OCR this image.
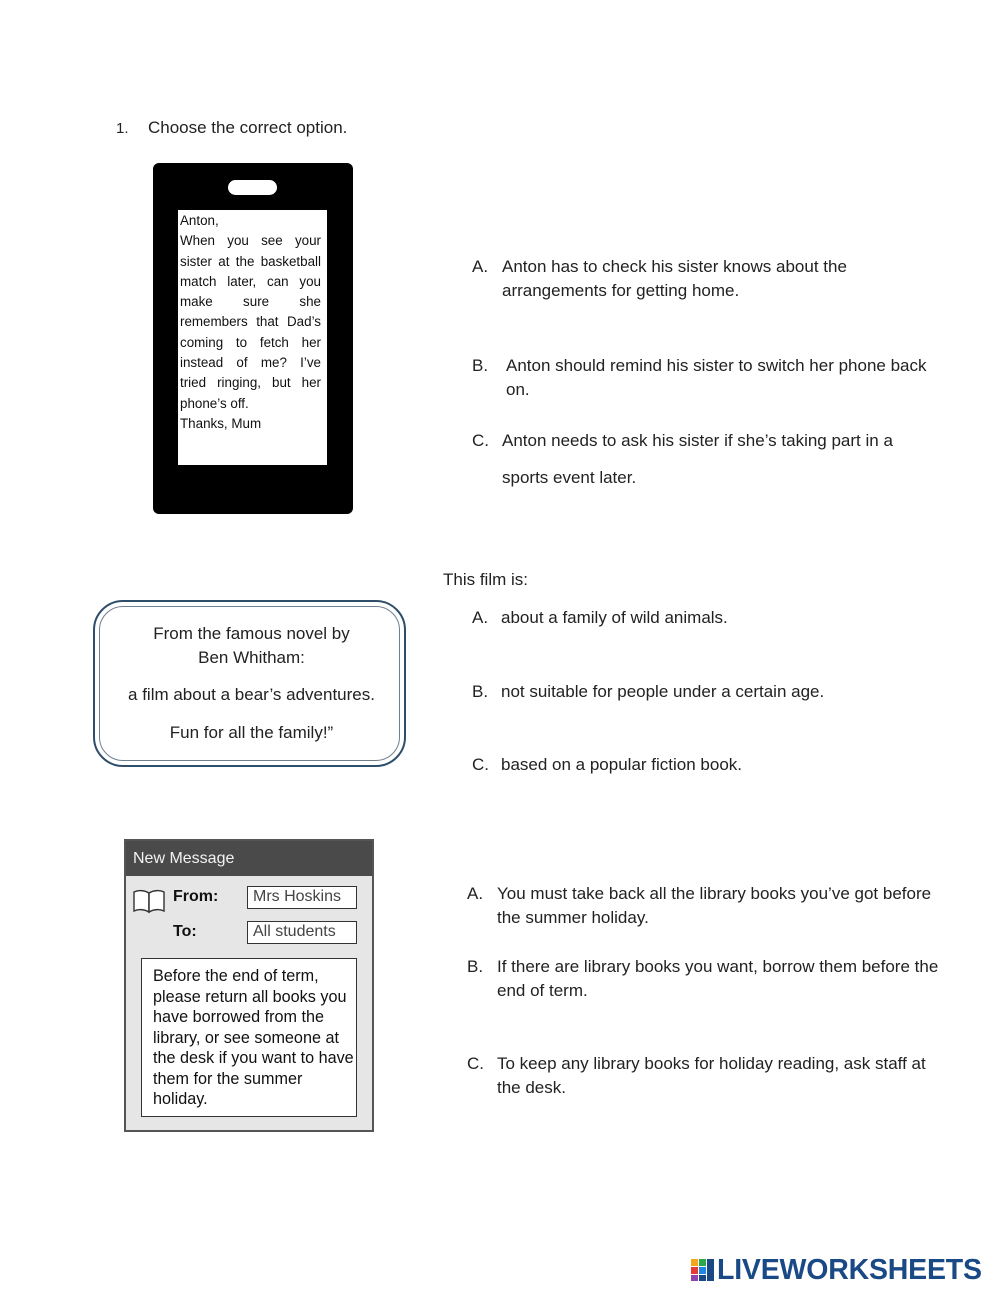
1. Choose the correct option.

Anton,

When you see your sister at the basketball match later, can you make sure she remembers that Dad’s coming to fetch her instead of me? I’ve tried ringing, but her phone’s off.

Thanks, Mum

A. Anton has to check his sister knows about the arrangements for getting home.
B. Anton should remind his sister to switch her phone back on.
C. Anton needs to ask his sister if she’s taking part in a sports event later.
From the famous novel by Ben Whitham:
a film about a bear’s adventures.
Fun for all the family!”
This film is:
A. about a family of wild animals.
B. not suitable for people under a certain age.
C. based on a popular fiction book.
New Message
From:	Mrs Hoskins
To:	All students
Before the end of term, please return all books you have borrowed from the library, or see someone at the desk if you want to have them for the summer holiday.
A. You must take back all the library books you’ve got before the summer holiday.
B. If there are library books you want, borrow them before the end of term.
C. To keep any library books for holiday reading, ask staff at the desk.
LIVEWORKSHEETS
